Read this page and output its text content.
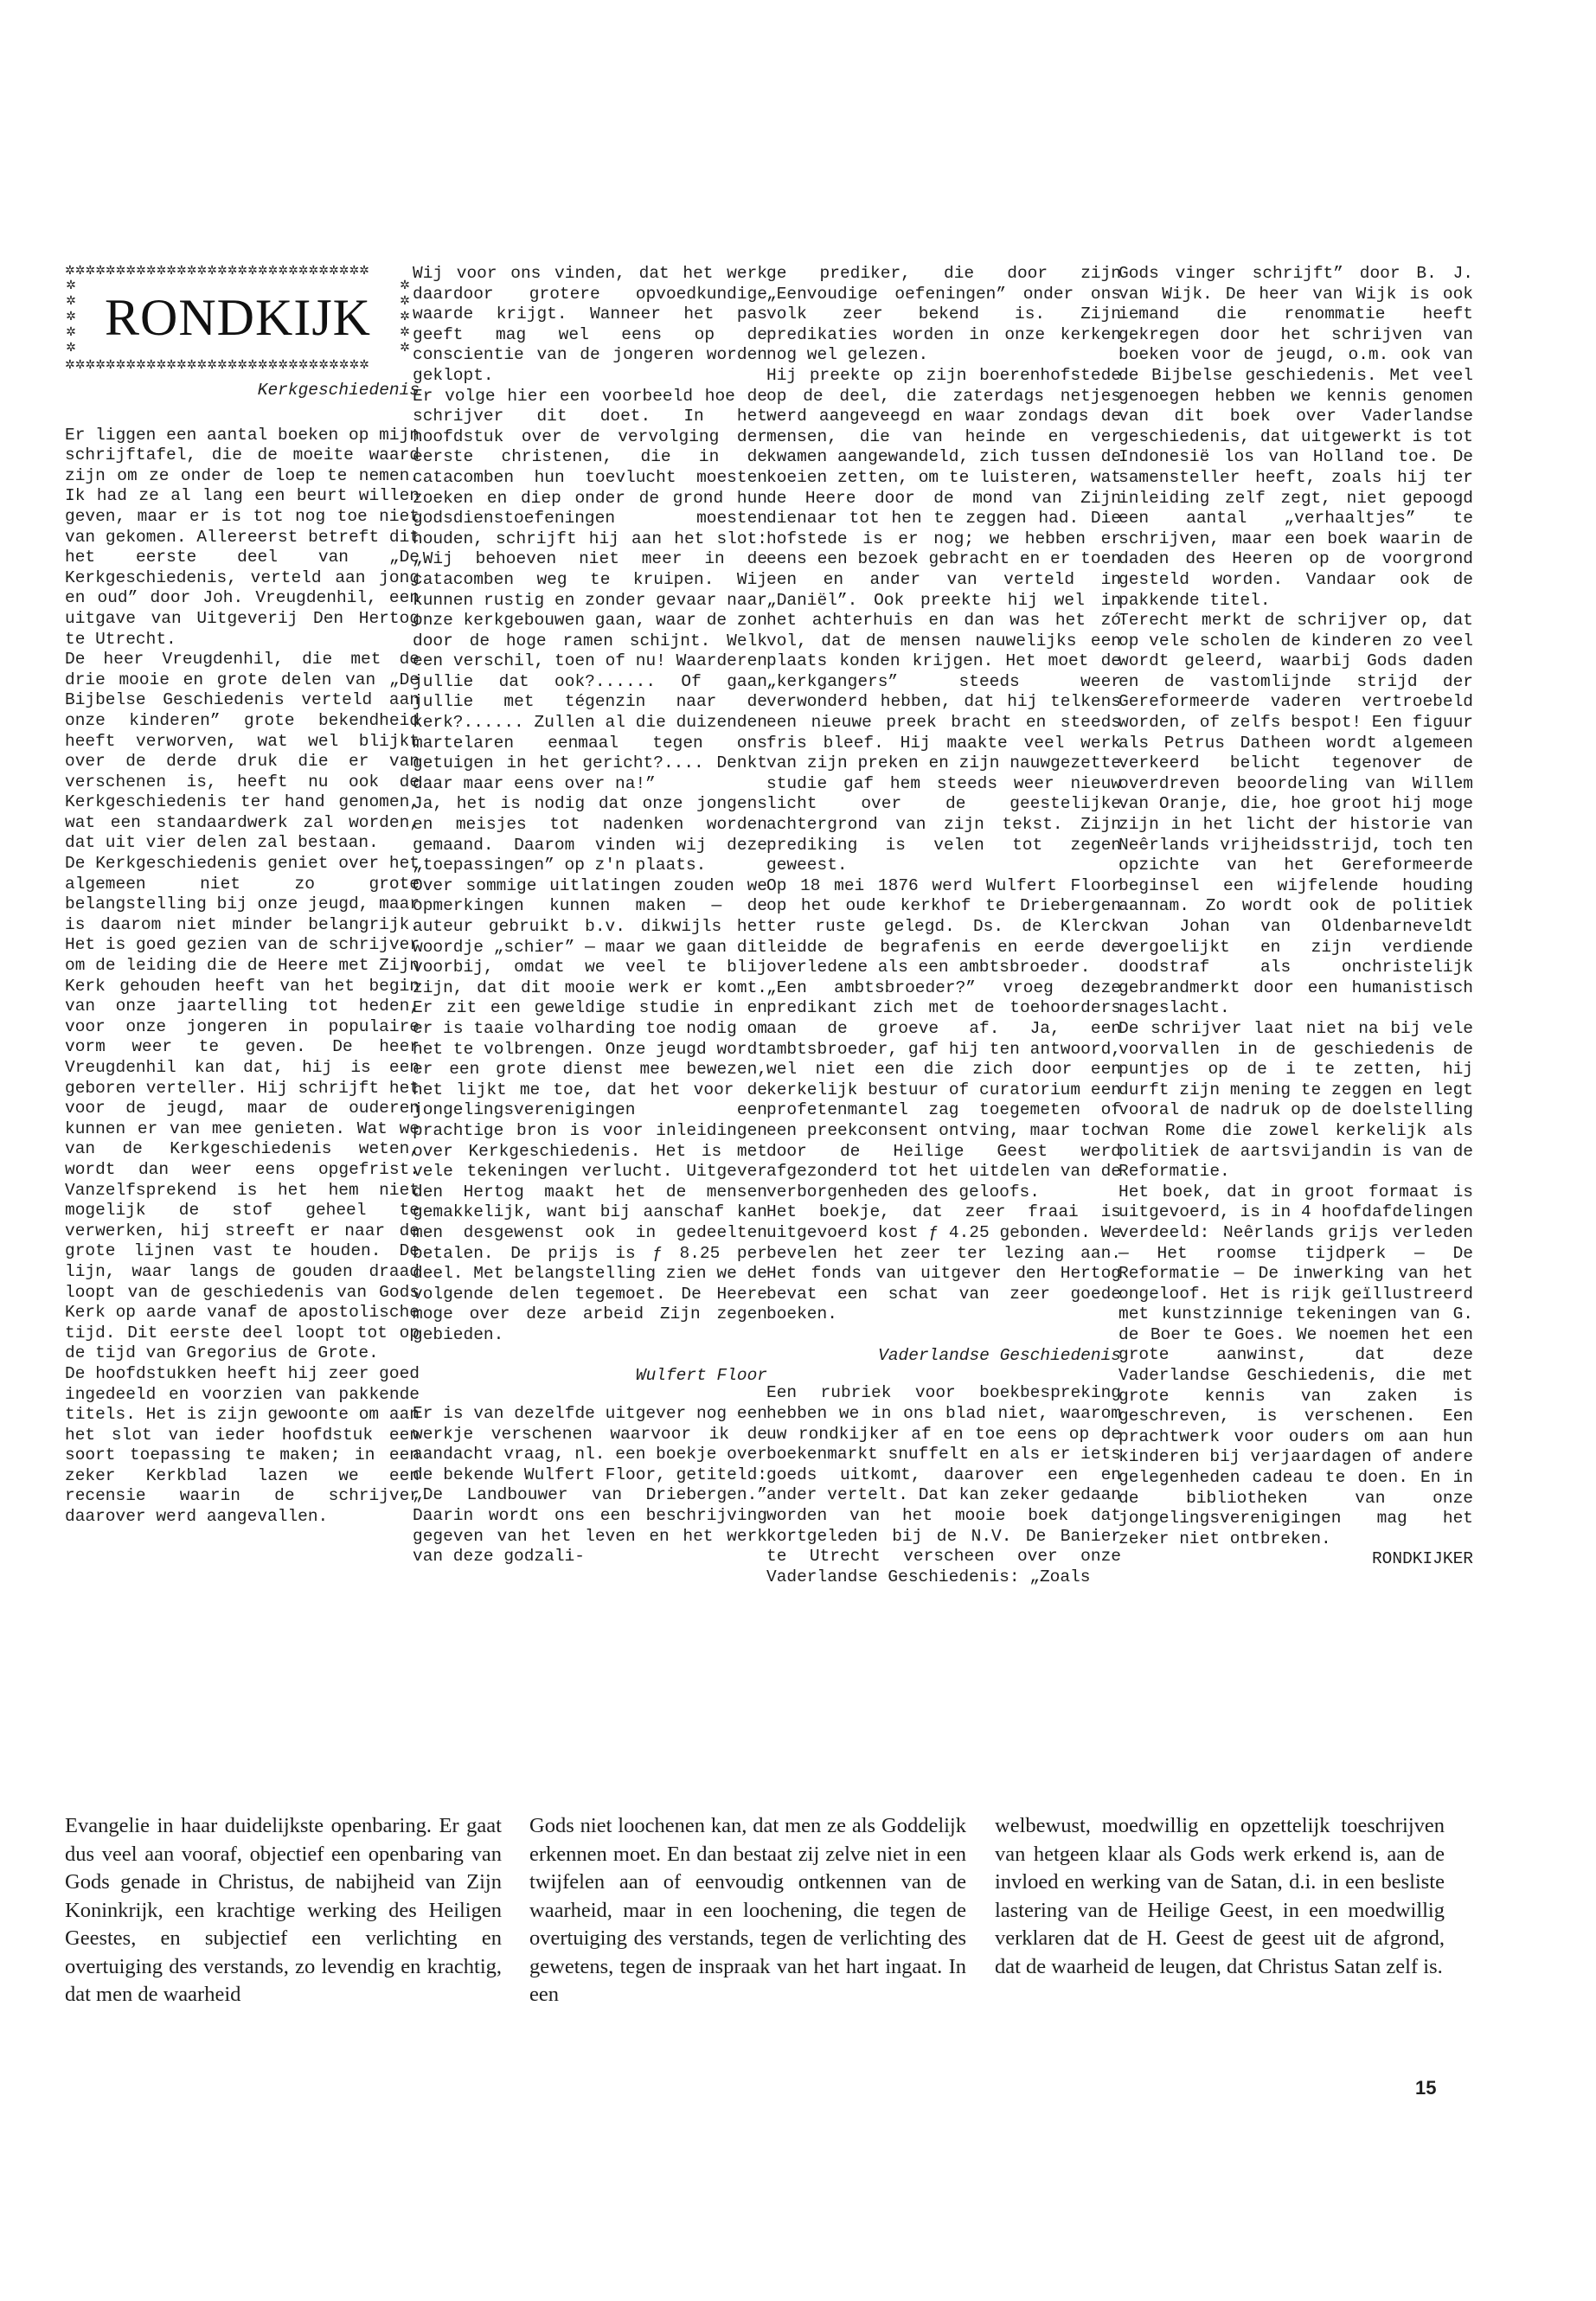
✲✲✲✲✲✲✲✲✲✲✲✲✲✲✲✲✲✲✲✲✲✲✲✲✲✲✲✲✲✲
✲ ✲ ✲ ✲ ✲
RONDKIJK
✲ ✲ ✲ ✲ ✲
✲✲✲✲✲✲✲✲✲✲✲✲✲✲✲✲✲✲✲✲✲✲✲✲✲✲✲✲✲✲
Kerkgeschiedenis

Er liggen een aantal boeken op mijn schrijftafel, die de moeite waard zijn om ze onder de loep te nemen. Ik had ze al lang een beurt willen geven, maar er is tot nog toe niet van gekomen. Allereerst betreft dit het eerste deel van „De Kerkgeschiedenis, verteld aan jong en oud” door Joh. Vreugdenhil, een uitgave van Uitgeverij Den Hertog te Utrecht.

De heer Vreugdenhil, die met de drie mooie en grote delen van „De Bijbelse Geschiedenis verteld aan onze kinderen” grote bekendheid heeft verworven, wat wel blijkt over de derde druk die er van verschenen is, heeft nu ook de Kerkgeschiedenis ter hand genomen, wat een standaardwerk zal worden, dat uit vier delen zal bestaan.

De Kerkgeschiedenis geniet over het algemeen niet zo grote belangstelling bij onze jeugd, maar is daarom niet minder belangrijk. Het is goed gezien van de schrijver om de leiding die de Heere met Zijn Kerk gehouden heeft van het begin van onze jaartelling tot heden, voor onze jongeren in populaire vorm weer te geven. De heer Vreugdenhil kan dat, hij is een geboren verteller. Hij schrijft het voor de jeugd, maar de ouderen kunnen er van mee genieten. Wat we van de Kerkgeschiedenis weten, wordt dan weer eens opgefrist. Vanzelfsprekend is het hem niet mogelijk de stof geheel te verwerken, hij streeft er naar de grote lijnen vast te houden. De lijn, waar langs de gouden draad loopt van de geschiedenis van Gods Kerk op aarde vanaf de apostolische tijd. Dit eerste deel loopt tot op de tijd van Gregorius de Grote.

De hoofdstukken heeft hij zeer goed ingedeeld en voorzien van pakkende titels. Het is zijn gewoonte om aan het slot van ieder hoofdstuk een soort toepassing te maken; in een zeker Kerkblad lazen we een recensie waarin de schrijver daarover werd aangevallen.

Wij voor ons vinden, dat het werk daardoor grotere opvoedkundige waarde krijgt. Wanneer het pas geeft mag wel eens op de conscientie van de jongeren worden geklopt.

Er volge hier een voorbeeld hoe de schrijver dit doet. In het hoofdstuk over de vervolging der eerste christenen, die in de catacomben hun toevlucht moesten zoeken en diep onder de grond hun godsdienstoefeningen moesten houden, schrijft hij aan het slot: „Wij behoeven niet meer in de catacomben weg te kruipen. Wij kunnen rustig en zonder gevaar naar onze kerkgebouwen gaan, waar de zon door de hoge ramen schijnt. Welk een verschil, toen of nu! Waarderen jullie dat ook?...... Of gaan jullie met tégenzin naar de kerk?...... Zullen al die duizenden martelaren eenmaal tegen ons getuigen in het gericht?.... Denkt daar maar eens over na!”

Ja, het is nodig dat onze jongens en meisjes tot nadenken worden gemaand. Daarom vinden wij deze „toepassingen” op z'n plaats.

Over sommige uitlatingen zouden we opmerkingen kunnen maken — de auteur gebruikt b.v. dikwijls het woordje „schier” — maar we gaan dit voorbij, omdat we veel te blij zijn, dat dit mooie werk er komt. Er zit een geweldige studie in en er is taaie volharding toe nodig om het te volbrengen. Onze jeugd wordt er een grote dienst mee bewezen, het lijkt me toe, dat het voor de jongelingsverenigingen een prachtige bron is voor inleidingen over Kerkgeschiedenis. Het is met vele tekeningen verlucht. Uitgever den Hertog maakt het de mensen gemakkelijk, want bij aanschaf kan men desgewenst ook in gedeelten betalen. De prijs is ƒ 8.25 per deel. Met belangstelling zien we de volgende delen tegemoet. De Heere moge over deze arbeid Zijn zegen gebieden.

Wulfert Floor

Er is van dezelfde uitgever nog een werkje verschenen waarvoor ik de aandacht vraag, nl. een boekje over de bekende Wulfert Floor, getiteld: „De Landbouwer van Driebergen.” Daarin wordt ons een beschrijving gegeven van het leven en het werk van deze godzali-

ge prediker, die door zijn „Eenvoudige oefeningen” onder ons volk zeer bekend is. Zijn predikaties worden in onze kerken nog wel gelezen.

Hij preekte op zijn boerenhofstede op de deel, die zaterdags netjes werd aangeveegd en waar zondags de mensen, die van heinde en ver kwamen aangewandeld, zich tussen de koeien zetten, om te luisteren, wat de Heere door de mond van Zijn dienaar tot hen te zeggen had. Die hofstede is er nog; we hebben er eens een bezoek gebracht en er toen een en ander van verteld in „Daniël”. Ook preekte hij wel in het achterhuis en dan was het zó vol, dat de mensen nauwelijks een plaats konden krijgen. Het moet de „kerkgangers” steeds weer verwonderd hebben, dat hij telkens een nieuwe preek bracht en steeds fris bleef. Hij maakte veel werk van zijn preken en zijn nauwgezette studie gaf hem steeds weer nieuw licht over de geestelijke achtergrond van zijn tekst. Zijn prediking is velen tot zegen geweest.

Op 18 mei 1876 werd Wulfert Floor op het oude kerkhof te Driebergen ter ruste gelegd. Ds. de Klerck leidde de begrafenis en eerde de overledene als een ambtsbroeder.

„Een ambtsbroeder?” vroeg deze predikant zich met de toehoorders aan de groeve af. Ja, een ambtsbroeder, gaf hij ten antwoord, wel niet een die zich door een kerkelijk bestuur of curatorium een profetenmantel zag toegemeten of een preekconsent ontving, maar toch door de Heilige Geest werd afgezonderd tot het uitdelen van de verborgenheden des geloofs.

Het boekje, dat zeer fraai is uitgevoerd kost ƒ 4.25 gebonden. We bevelen het zeer ter lezing aan. Het fonds van uitgever den Hertog bevat een schat van zeer goede boeken.

Vaderlandse Geschiedenis

Een rubriek voor boekbespreking hebben we in ons blad niet, waarom uw rondkijker af en toe eens op de boekenmarkt snuffelt en als er iets goeds uitkomt, daarover een en ander vertelt. Dat kan zeker gedaan worden van het mooie boek dat kortgeleden bij de N.V. De Banier te Utrecht verscheen over onze Vaderlandse Geschiedenis: „Zoals

Gods vinger schrijft” door B. J. van Wijk. De heer van Wijk is ook iemand die renommatie heeft gekregen door het schrijven van boeken voor de jeugd, o.m. ook van de Bijbelse geschiedenis. Met veel genoegen hebben we kennis genomen van dit boek over Vaderlandse geschiedenis, dat uitgewerkt is tot Indonesië los van Holland toe. De samensteller heeft, zoals hij ter inleiding zelf zegt, niet gepoogd een aantal „verhaaltjes” te schrijven, maar een boek waarin de daden des Heeren op de voorgrond gesteld worden. Vandaar ook de pakkende titel.

Terecht merkt de schrijver op, dat op vele scholen de kinderen zo veel wordt geleerd, waarbij Gods daden en de vastomlijnde strijd der Gereformeerde vaderen vertroebeld worden, of zelfs bespot! Een figuur als Petrus Datheen wordt algemeen verkeerd belicht tegenover de overdreven beoordeling van Willem van Oranje, die, hoe groot hij moge zijn in het licht der historie van Neêrlands vrijheidsstrijd, toch ten opzichte van het Gereformeerde beginsel een wijfelende houding aannam. Zo wordt ook de politiek van Johan van Oldenbarneveldt vergoelijkt en zijn verdiende doodstraf als onchristelijk gebrandmerkt door een humanistisch nageslacht.

De schrijver laat niet na bij vele voorvallen in de geschiedenis de puntjes op de i te zetten, hij durft zijn mening te zeggen en legt vooral de nadruk op de doelstelling van Rome die zowel kerkelijk als politiek de aartsvijandin is van de Reformatie.

Het boek, dat in groot formaat is uitgevoerd, is in 4 hoofdafdelingen verdeeld: Neêrlands grijs verleden — Het roomse tijdperk — De Reformatie — De inwerking van het ongeloof. Het is rijk geïllustreerd met kunstzinnige tekeningen van G. de Boer te Goes. We noemen het een grote aanwinst, dat deze Vaderlandse Geschiedenis, die met grote kennis van zaken is geschreven, is verschenen. Een prachtwerk voor ouders om aan hun kinderen bij verjaardagen of andere gelegenheden cadeau te doen. En in de bibliotheken van onze jongelingsverenigingen mag het zeker niet ontbreken.

RONDKIJKER
Evangelie in haar duidelijkste openbaring. Er gaat dus veel aan vooraf, objectief een openbaring van Gods genade in Christus, de nabijheid van Zijn Koninkrijk, een krachtige werking des Heiligen Geestes, en subjectief een verlichting en overtuiging des verstands, zo levendig en krachtig, dat men de waarheid
Gods niet loochenen kan, dat men ze als Goddelijk erkennen moet. En dan bestaat zij zelve niet in een twijfelen aan of eenvoudig ontkennen van de waarheid, maar in een loochening, die tegen de overtuiging des verstands, tegen de verlichting des gewetens, tegen de inspraak van het hart ingaat. In een
welbewust, moedwillig en opzettelijk toeschrijven van hetgeen klaar als Gods werk erkend is, aan de invloed en werking van de Satan, d.i. in een besliste lastering van de Heilige Geest, in een moedwillig verklaren dat de H. Geest de geest uit de afgrond, dat de waarheid de leugen, dat Christus Satan zelf is.
15
